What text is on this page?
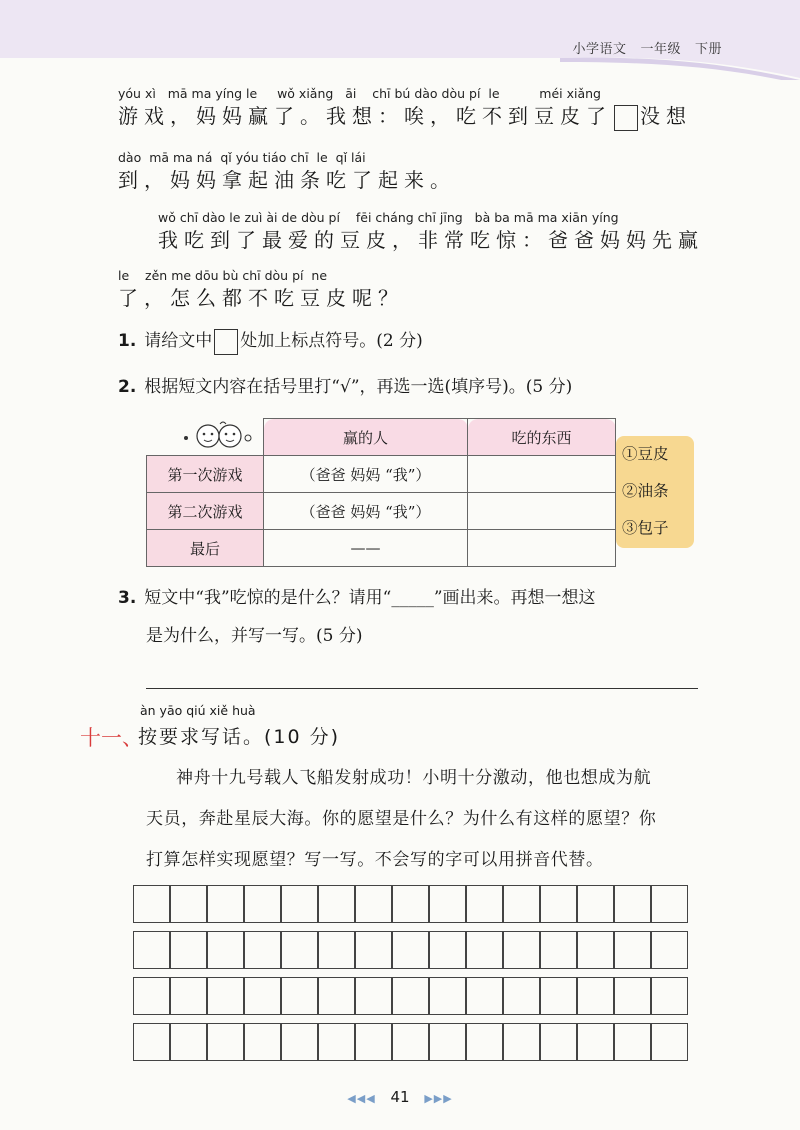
小学语文 一年级 下册
yóu xì   mā ma yíng le     wǒ xiǎng   āi    chī bú dào dòu pí  le          méi xiǎng
游戏，妈妈赢了。我想：唉，吃不到豆皮了 没想
dào  mā ma ná  qǐ yóu tiáo chī  le  qǐ lái
到，妈妈拿起油条吃了起来。
wǒ chī dào le zuì ài de dòu pí    fēi cháng chī jīng   bà ba mā ma xiān yíng
我吃到了最爱的豆皮，非常吃惊：爸爸妈妈先赢
le    zěn me dōu bù chī dòu pí  ne
了，怎么都不吃豆皮呢？
1. 请给文中 处加上标点符号。(2 分)
2. 根据短文内容在括号里打“√”，再选一选(填序号)。(5 分)
	赢的人	吃的东西
第一次游戏	（爸爸 妈妈 “我”）	
第二次游戏	（爸爸 妈妈 “我”）	
最后	——	
①豆皮
②油条
③包子
3. 短文中“我”吃惊的是什么？请用“_____”画出来。再想一想这
是为什么，并写一写。(5 分)
àn yāo qiú xiě huà
十一、
按要求写话。(10 分)
神舟十九号载人飞船发射成功！小明十分激动，他也想成为航
天员，奔赴星辰大海。你的愿望是什么？为什么有这样的愿望？你
打算怎样实现愿望？写一写。不会写的字可以用拼音代替。
◀◀◀ 41 ▶▶▶
